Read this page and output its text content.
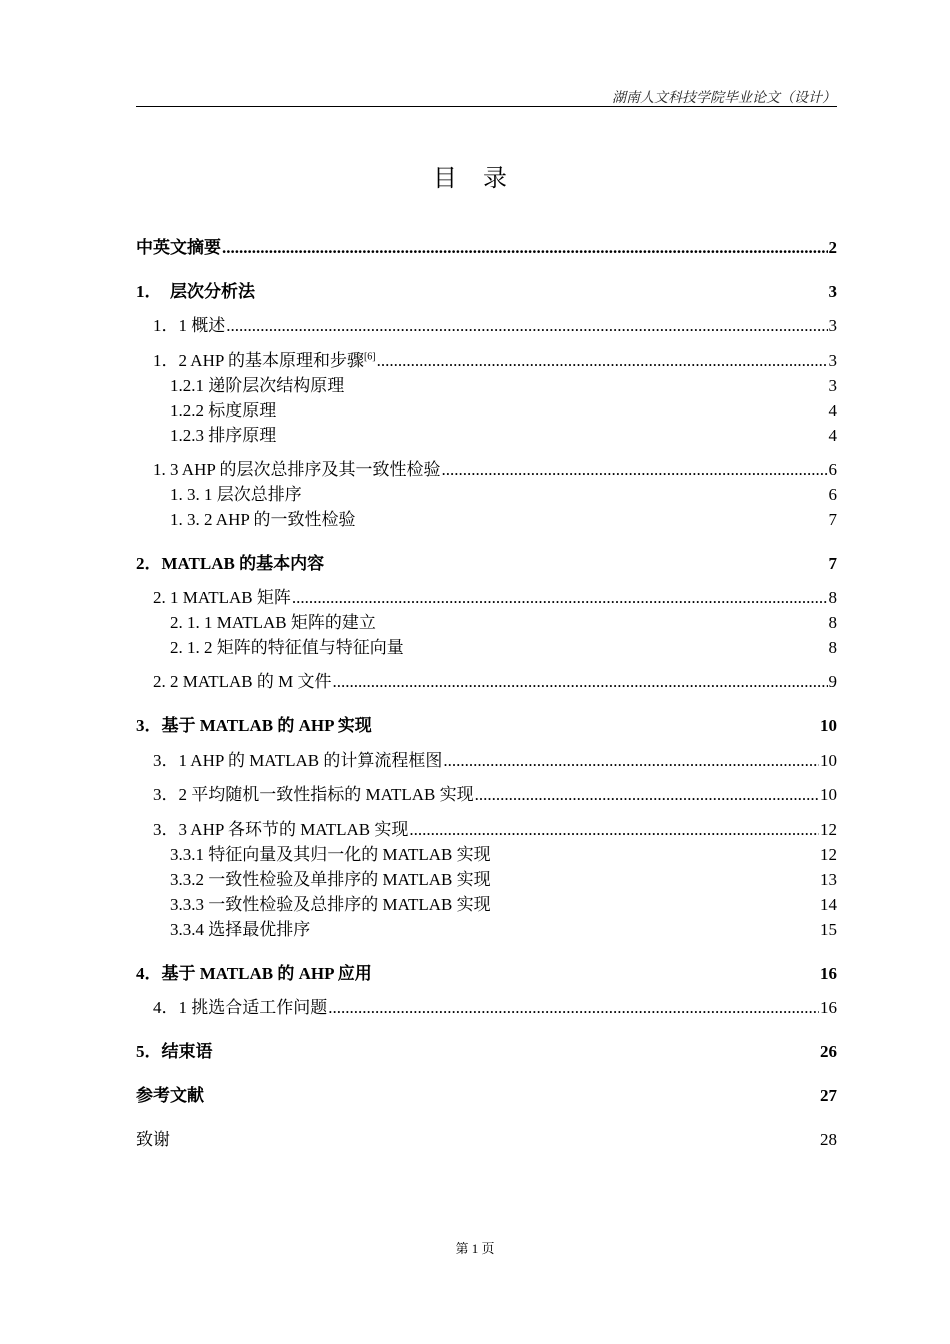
湖南人文科技学院毕业论文（设计）
目 录
中英文摘要 .....	2
1．　层次分析法	3
1．1 概述 .....	3
1．2 AHP 的基本原理和步骤[6] .....	3
1.2.1 递阶层次结构原理	3
1.2.2 标度原理	4
1.2.3 排序原理	4
1. 3 AHP 的层次总排序及其一致性检验 .....	6
1. 3. 1 层次总排序	6
1. 3. 2 AHP 的一致性检验	7
2．MATLAB 的基本内容	7
2. 1 MATLAB 矩阵 .....	8
2. 1. 1 MATLAB 矩阵的建立	8
2. 1. 2 矩阵的特征值与特征向量	8
2. 2 MATLAB 的 M 文件 .....	9
3．基于 MATLAB 的 AHP 实现	10
3．1 AHP 的 MATLAB 的计算流程框图 .....	10
3．2 平均随机一致性指标的 MATLAB 实现 .....	10
3．3 AHP 各环节的 MATLAB 实现 .....	12
3.3.1 特征向量及其归一化的 MATLAB 实现	12
3.3.2 一致性检验及单排序的 MATLAB 实现	13
3.3.3 一致性检验及总排序的 MATLAB 实现	14
3.3.4 选择最优排序	15
4．基于 MATLAB 的 AHP 应用	16
4．1 挑选合适工作问题 .....	16
5．结束语	26
参考文献	27
致谢	28
第 1 页
